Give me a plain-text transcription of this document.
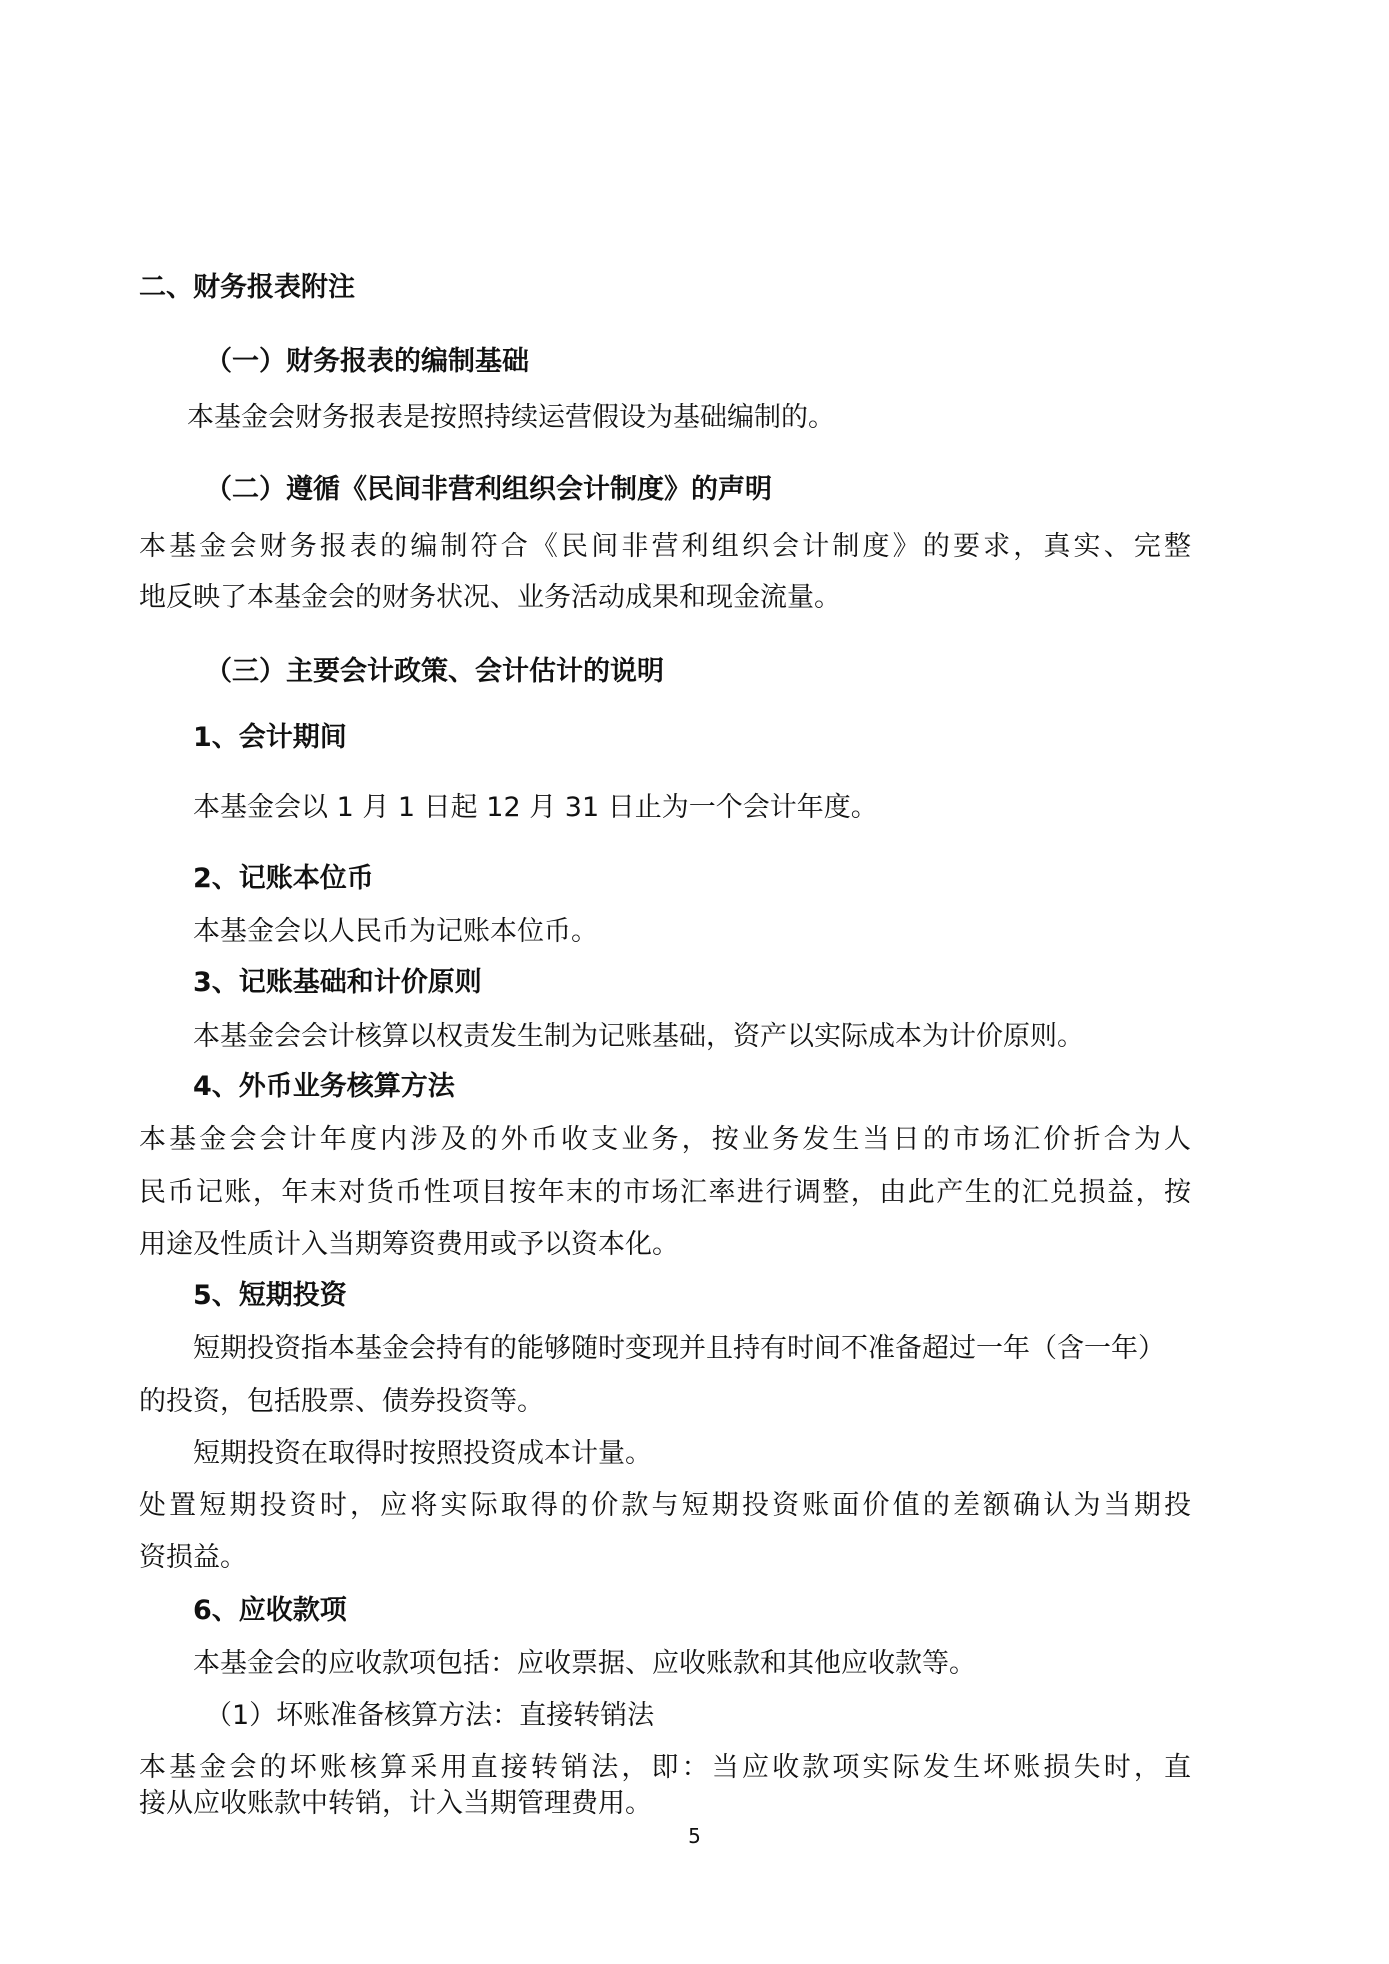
二、财务报表附注
（一）财务报表的编制基础
本基金会财务报表是按照持续运营假设为基础编制的。
（二）遵循《民间非营利组织会计制度》的声明
本基金会财务报表的编制符合《民间非营利组织会计制度》的要求，真实、完整
地反映了本基金会的财务状况、业务活动成果和现金流量。
（三）主要会计政策、会计估计的说明
1、会计期间
本基金会以 1 月 1 日起 12 月 31 日止为一个会计年度。
2、记账本位币
本基金会以人民币为记账本位币。
3、记账基础和计价原则
本基金会会计核算以权责发生制为记账基础，资产以实际成本为计价原则。
4、外币业务核算方法
本基金会会计年度内涉及的外币收支业务，按业务发生当日的市场汇价折合为人
民币记账，年末对货币性项目按年末的市场汇率进行调整，由此产生的汇兑损益，按
用途及性质计入当期筹资费用或予以资本化。
5、短期投资
短期投资指本基金会持有的能够随时变现并且持有时间不准备超过一年（含一年）
的投资，包括股票、债券投资等。
短期投资在取得时按照投资成本计量。
处置短期投资时，应将实际取得的价款与短期投资账面价值的差额确认为当期投
资损益。
6、应收款项
本基金会的应收款项包括：应收票据、应收账款和其他应收款等。
（1）坏账准备核算方法：直接转销法
本基金会的坏账核算采用直接转销法，即：当应收款项实际发生坏账损失时，直
接从应收账款中转销，计入当期管理费用。
5
